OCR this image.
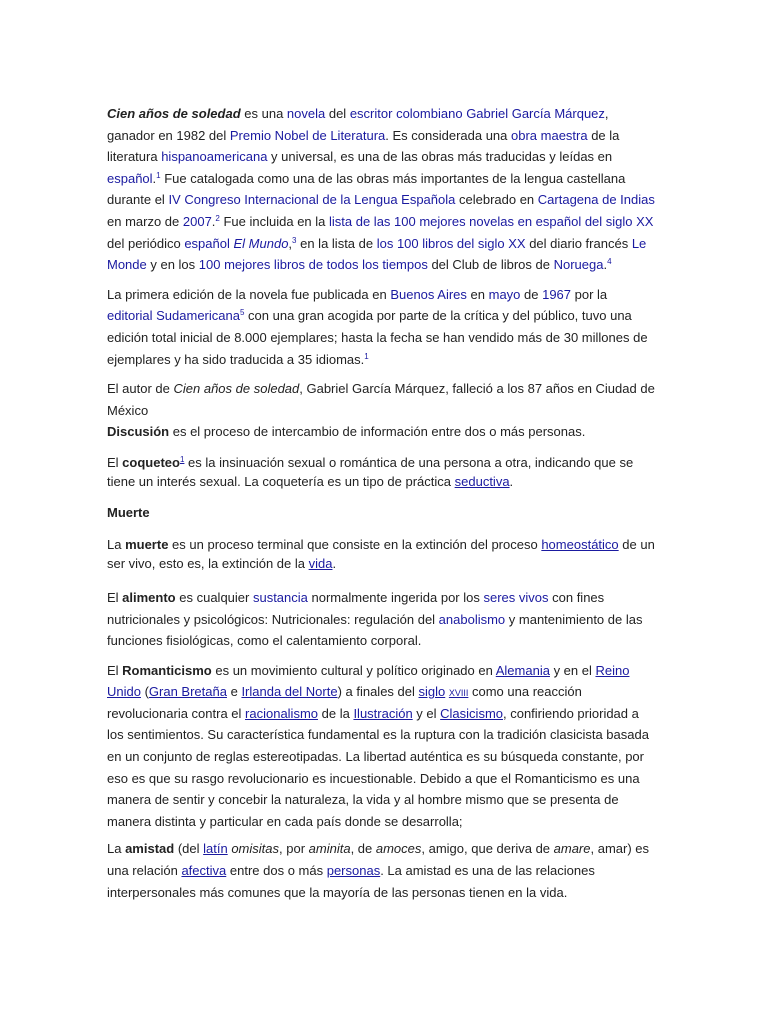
Cien años de soledad es una novela del escritor colombiano Gabriel García Márquez, ganador en 1982 del Premio Nobel de Literatura. Es considerada una obra maestra de la literatura hispanoamericana y universal, es una de las obras más traducidas y leídas en español.$^1$ Fue catalogada como una de las obras más importantes de la lengua castellana durante el IV Congreso Internacional de la Lengua Española celebrado en Cartagena de Indias en marzo de 2007.$^2$ Fue incluida en la lista de las 100 mejores novelas en español del siglo XX del periódico español El Mundo,$^3$ en la lista de los 100 libros del siglo XX del diario francés Le Monde y en los 100 mejores libros de todos los tiempos del Club de libros de Noruega.$^4$

La primera edición de la novela fue publicada en Buenos Aires en mayo de 1967 por la editorial Sudamericana$^5$ con una gran acogida por parte de la crítica y del público, tuvo una edición total inicial de 8.000 ejemplares; hasta la fecha se han vendido más de 30 millones de ejemplares y ha sido traducida a 35 idiomas.$^1$

El autor de Cien años de soledad, Gabriel García Márquez, falleció a los 87 años en Ciudad de México

Discusión es el proceso de intercambio de información entre dos o más personas.

El coqueteo$^1$ es la insinuación sexual o romántica de una persona a otra, indicando que se tiene un interés sexual. La coquetería es un tipo de práctica seductiva.

Muerte

La muerte es un proceso terminal que consiste en la extinción del proceso homeostático de un ser vivo, esto es, la extinción de la vida.

El alimento es cualquier sustancia normalmente ingerida por los seres vivos con fines nutricionales y psicológicos: Nutricionales: regulación del anabolismo y mantenimiento de las funciones fisiológicas, como el calentamiento corporal.

El Romanticismo es un movimiento cultural y político originado en Alemania y en el Reino Unido (Gran Bretaña e Irlanda del Norte) a finales del siglo xviii como una reacción revolucionaria contra el racionalismo de la Ilustración y el Clasicismo, confiriendo prioridad a los sentimientos. Su característica fundamental es la ruptura con la tradición clasicista basada en un conjunto de reglas estereotipadas. La libertad auténtica es su búsqueda constante, por eso es que su rasgo revolucionario es incuestionable. Debido a que el Romanticismo es una manera de sentir y concebir la naturaleza, la vida y al hombre mismo que se presenta de manera distinta y particular en cada país donde se desarrolla;

La amistad (del latín omisitas, por aminita, de amoces, amigo, que deriva de amare, amar) es una relación afectiva entre dos o más personas. La amistad es una de las relaciones interpersonales más comunes que la mayoría de las personas tienen en la vida.
